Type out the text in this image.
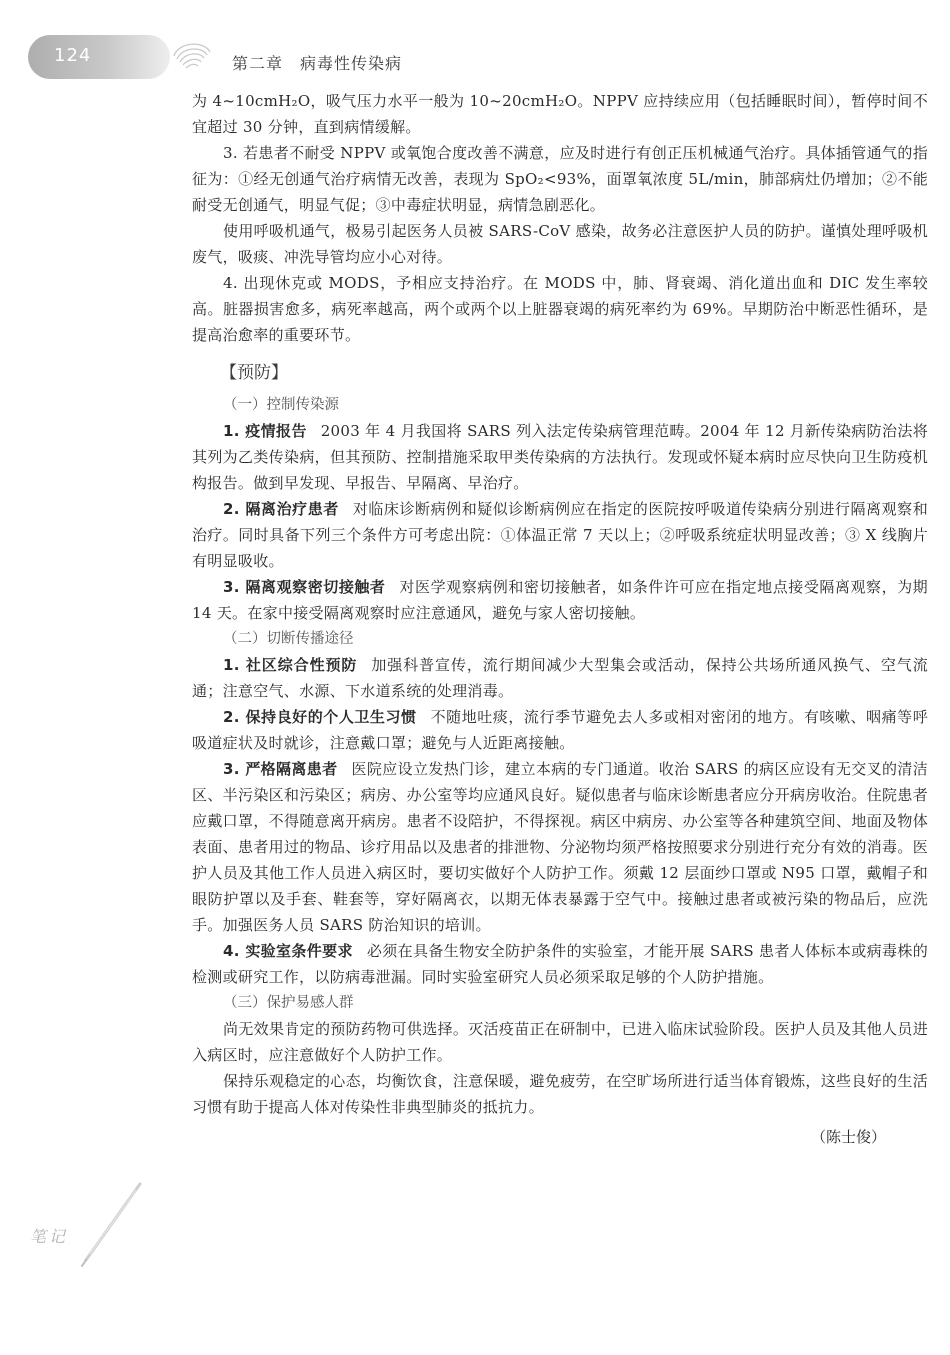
124	第二章　病毒性传染病

为 4~10cmH₂O，吸气压力水平一般为 10~20cmH₂O。NPPV 应持续应用（包括睡眠时间），暂停时间不宜超过 30 分钟，直到病情缓解。

3. 若患者不耐受 NPPV 或氧饱合度改善不满意，应及时进行有创正压机械通气治疗。具体插管通气的指征为：①经无创通气治疗病情无改善，表现为 SpO₂<93%，面罩氧浓度 5L/min，肺部病灶仍增加；②不能耐受无创通气，明显气促；③中毒症状明显，病情急剧恶化。

使用呼吸机通气，极易引起医务人员被 SARS-CoV 感染，故务必注意医护人员的防护。谨慎处理呼吸机废气，吸痰、冲洗导管均应小心对待。

4. 出现休克或 MODS，予相应支持治疗。在 MODS 中，肺、肾衰竭、消化道出血和 DIC 发生率较高。脏器损害愈多，病死率越高，两个或两个以上脏器衰竭的病死率约为 69%。早期防治中断恶性循环，是提高治愈率的重要环节。

【预防】
（一）控制传染源

1. 疫情报告 2003 年 4 月我国将 SARS 列入法定传染病管理范畴。2004 年 12 月新传染病防治法将其列为乙类传染病，但其预防、控制措施采取甲类传染病的方法执行。发现或怀疑本病时应尽快向卫生防疫机构报告。做到早发现、早报告、早隔离、早治疗。

2. 隔离治疗患者 对临床诊断病例和疑似诊断病例应在指定的医院按呼吸道传染病分别进行隔离观察和治疗。同时具备下列三个条件方可考虑出院：①体温正常 7 天以上；②呼吸系统症状明显改善；③ X 线胸片有明显吸收。

3. 隔离观察密切接触者 对医学观察病例和密切接触者，如条件许可应在指定地点接受隔离观察，为期 14 天。在家中接受隔离观察时应注意通风，避免与家人密切接触。

（二）切断传播途径

1. 社区综合性预防 加强科普宣传，流行期间减少大型集会或活动，保持公共场所通风换气、空气流通；注意空气、水源、下水道系统的处理消毒。

2. 保持良好的个人卫生习惯 不随地吐痰，流行季节避免去人多或相对密闭的地方。有咳嗽、咽痛等呼吸道症状及时就诊，注意戴口罩；避免与人近距离接触。

3. 严格隔离患者 医院应设立发热门诊，建立本病的专门通道。收治 SARS 的病区应设有无交叉的清洁区、半污染区和污染区；病房、办公室等均应通风良好。疑似患者与临床诊断患者应分开病房收治。住院患者应戴口罩，不得随意离开病房。患者不设陪护，不得探视。病区中病房、办公室等各种建筑空间、地面及物体表面、患者用过的物品、诊疗用品以及患者的排泄物、分泌物均须严格按照要求分别进行充分有效的消毒。医护人员及其他工作人员进入病区时，要切实做好个人防护工作。须戴 12 层面纱口罩或 N95 口罩，戴帽子和眼防护罩以及手套、鞋套等，穿好隔离衣，以期无体表暴露于空气中。接触过患者或被污染的物品后，应洗手。加强医务人员 SARS 防治知识的培训。

4. 实验室条件要求 必须在具备生物安全防护条件的实验室，才能开展 SARS 患者人体标本或病毒株的检测或研究工作，以防病毒泄漏。同时实验室研究人员必须采取足够的个人防护措施。

（三）保护易感人群

尚无效果肯定的预防药物可供选择。灭活疫苗正在研制中，已进入临床试验阶段。医护人员及其他人员进入病区时，应注意做好个人防护工作。

保持乐观稳定的心态，均衡饮食，注意保暖，避免疲劳，在空旷场所进行适当体育锻炼，这些良好的生活习惯有助于提高人体对传染性非典型肺炎的抵抗力。

（陈士俊）
笔记
